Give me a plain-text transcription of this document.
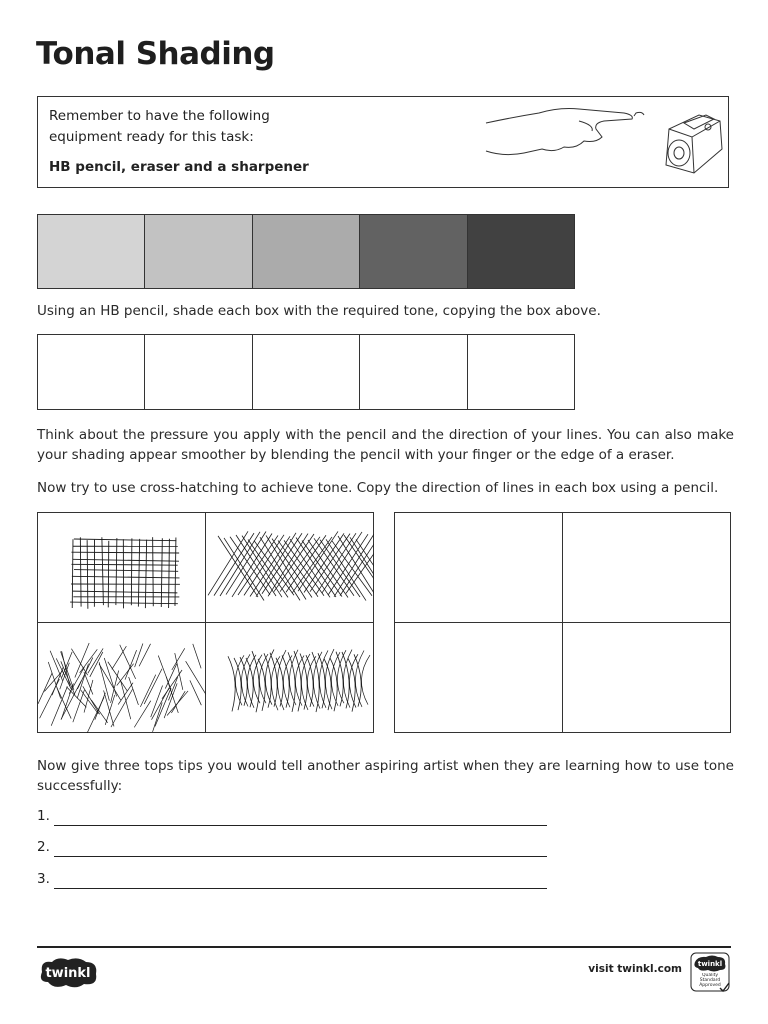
Tonal Shading
Remember to have the following
equipment ready for this task:
HB pencil, eraser and a sharpener
Using an HB pencil, shade each box with the required tone, copying the box above.
Think about the pressure you apply with the pencil and the direction of your lines. You can also make your shading appear smoother by blending the pencil with your finger or the edge of a eraser.
Now try to use cross-hatching to achieve tone. Copy the direction of lines in each box using a pencil.
Now give three tops tips you would tell another aspiring artist when they are learning how to use tone successfully:
1.
2.
3.
twinkl	visit twinkl.com twinkl
Quality Standard Approved
